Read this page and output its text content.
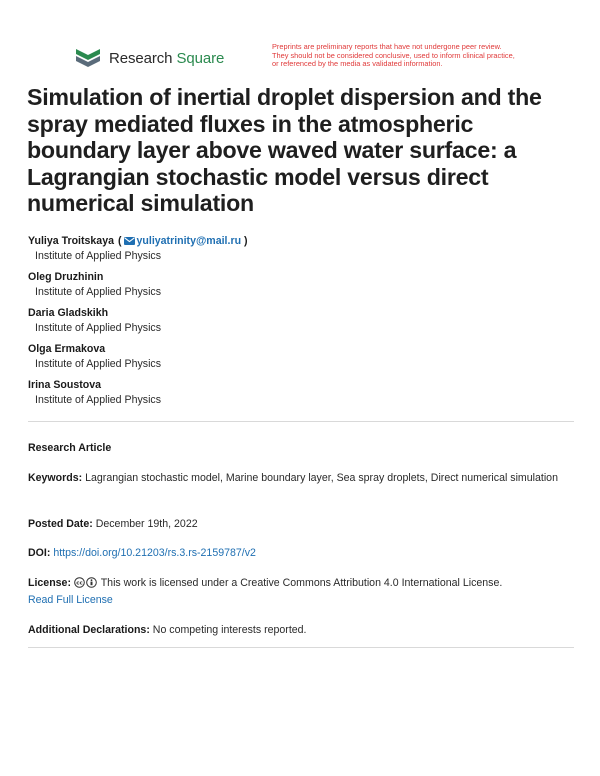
Research Square
Preprints are preliminary reports that have not undergone peer review.
They should not be considered conclusive, used to inform clinical practice,
or referenced by the media as validated information.
Simulation of inertial droplet dispersion and the spray mediated fluxes in the atmospheric boundary layer above waved water surface: a Lagrangian stochastic model versus direct numerical simulation
Yuliya Troitskaya ( yuliyatrinity@mail.ru )
Institute of Applied Physics
Oleg Druzhinin
Institute of Applied Physics
Daria Gladskikh
Institute of Applied Physics
Olga Ermakova
Institute of Applied Physics
Irina Soustova
Institute of Applied Physics
Research Article
Keywords: Lagrangian stochastic model, Marine boundary layer, Sea spray droplets, Direct numerical simulation
Posted Date: December 19th, 2022
DOI: https://doi.org/10.21203/rs.3.rs-2159787/v2
License: cc This work is licensed under a Creative Commons Attribution 4.0 International License.
Read Full License
Additional Declarations: No competing interests reported.
